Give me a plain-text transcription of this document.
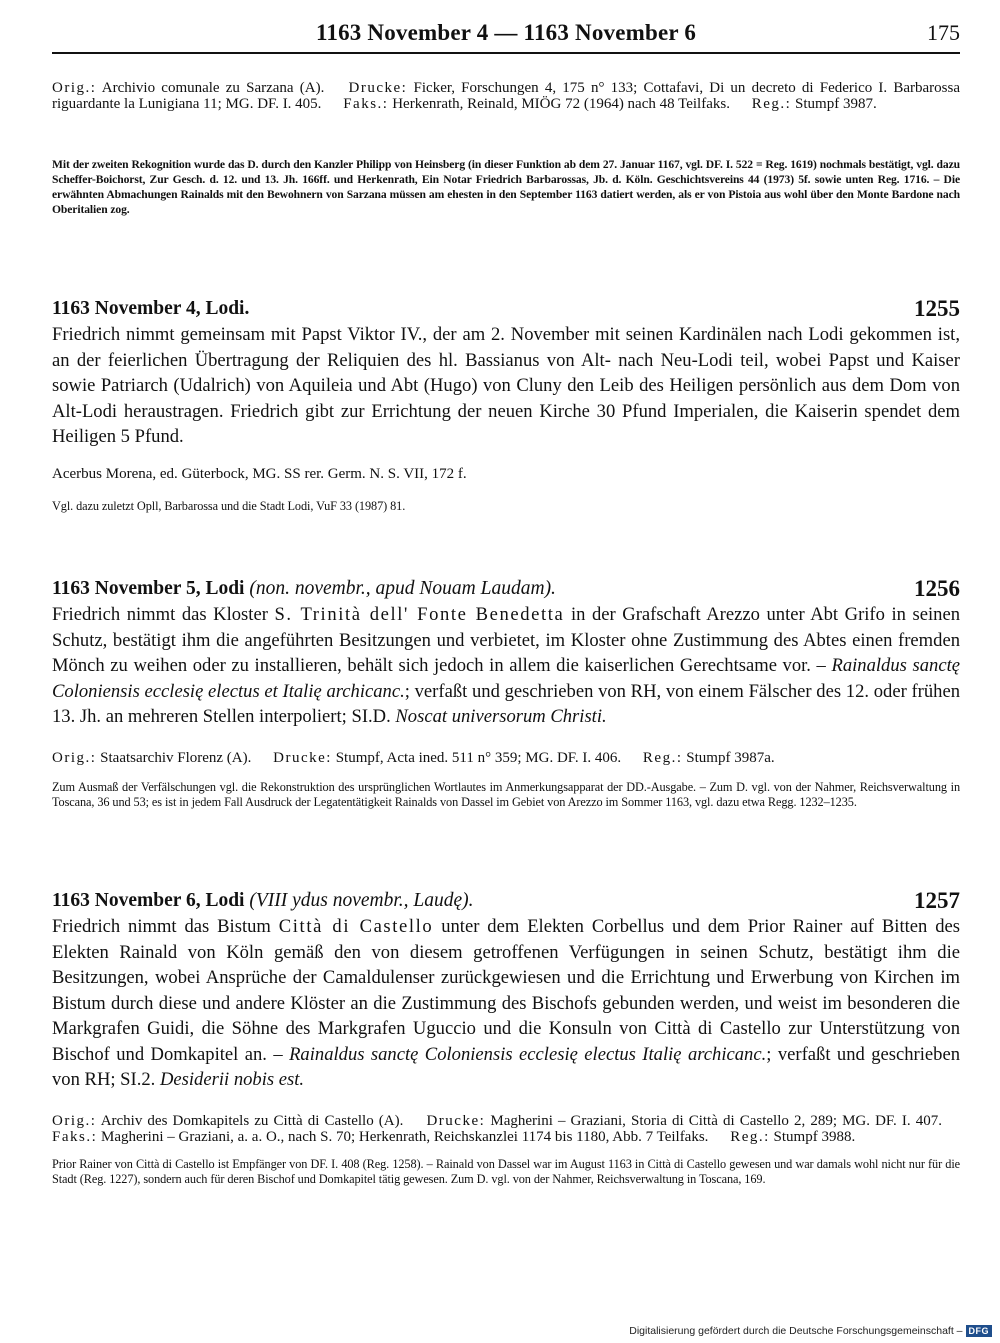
1163 November 4 — 1163 November 6	175
Orig.: Archivio comunale zu Sarzana (A). Drucke: Ficker, Forschungen 4, 175 n° 133; Cottafavi, Di un decreto di Federico I. Barbarossa riguardante la Lunigiana 11; MG. DF. I. 405. Faks.: Herkenrath, Reinald, MIÖG 72 (1964) nach 48 Teilfaks. Reg.: Stumpf 3987.
Mit der zweiten Rekognition wurde das D. durch den Kanzler Philipp von Heinsberg (in dieser Funktion ab dem 27. Januar 1167, vgl. DF. I. 522 = Reg. 1619) nochmals bestätigt, vgl. dazu Scheffer-Boichorst, Zur Gesch. d. 12. und 13. Jh. 166ff. und Herkenrath, Ein Notar Friedrich Barbarossas, Jb. d. Köln. Geschichtsvereins 44 (1973) 5f. sowie unten Reg. 1716. – Die erwähnten Abmachungen Rainalds mit den Bewohnern von Sarzana müssen am ehesten in den September 1163 datiert werden, als er von Pistoia aus wohl über den Monte Bardone nach Oberitalien zog.
1163 November 4, Lodi.	1255
Friedrich nimmt gemeinsam mit Papst Viktor IV., der am 2. November mit seinen Kardinälen nach Lodi gekommen ist, an der feierlichen Übertragung der Reliquien des hl. Bassianus von Alt- nach Neu-Lodi teil, wobei Papst und Kaiser sowie Patriarch (Udalrich) von Aquileia und Abt (Hugo) von Cluny den Leib des Heiligen persönlich aus dem Dom von Alt-Lodi heraustragen. Friedrich gibt zur Errichtung der neuen Kirche 30 Pfund Imperialen, die Kaiserin spendet dem Heiligen 5 Pfund.
Acerbus Morena, ed. Güterbock, MG. SS rer. Germ. N. S. VII, 172 f.
Vgl. dazu zuletzt Opll, Barbarossa und die Stadt Lodi, VuF 33 (1987) 81.
1163 November 5, Lodi (non. novembr., apud Nouam Laudam).	1256
Friedrich nimmt das Kloster S. Trinità dell' Fonte Benedetta in der Grafschaft Arezzo unter Abt Grifo in seinen Schutz, bestätigt ihm die angeführten Besitzungen und verbietet, im Kloster ohne Zustimmung des Abtes einen fremden Mönch zu weihen oder zu installieren, behält sich jedoch in allem die kaiserlichen Gerechtsame vor. – Rainaldus sanctę Coloniensis ecclesię electus et Italię archicanc.; verfaßt und geschrieben von RH, von einem Fälscher des 12. oder frühen 13. Jh. an mehreren Stellen interpoliert; SI.D. Noscat universorum Christi.
Orig.: Staatsarchiv Florenz (A). Drucke: Stumpf, Acta ined. 511 n° 359; MG. DF. I. 406. Reg.: Stumpf 3987a.
Zum Ausmaß der Verfälschungen vgl. die Rekonstruktion des ursprünglichen Wortlautes im Anmerkungsapparat der DD.-Ausgabe. – Zum D. vgl. von der Nahmer, Reichsverwaltung in Toscana, 36 und 53; es ist in jedem Fall Ausdruck der Legatentätigkeit Rainalds von Dassel im Gebiet von Arezzo im Sommer 1163, vgl. dazu etwa Regg. 1232–1235.
1163 November 6, Lodi (VIII ydus novembr., Laudę).	1257
Friedrich nimmt das Bistum Città di Castello unter dem Elekten Corbellus und dem Prior Rainer auf Bitten des Elekten Rainald von Köln gemäß den von diesem getroffenen Verfügungen in seinen Schutz, bestätigt ihm die Besitzungen, wobei Ansprüche der Camaldulenser zurückgewiesen und die Errichtung und Erwerbung von Kirchen im Bistum durch diese und andere Klöster an die Zustimmung des Bischofs gebunden werden, und weist im besonderen die Markgrafen Guidi, die Söhne des Markgrafen Uguccio und die Konsuln von Città di Castello zur Unterstützung von Bischof und Domkapitel an. – Rainaldus sanctę Coloniensis ecclesię electus Italię archicanc.; verfaßt und geschrieben von RH; SI.2. Desiderii nobis est.
Orig.: Archiv des Domkapitels zu Città di Castello (A). Drucke: Magherini – Graziani, Storia di Città di Castello 2, 289; MG. DF. I. 407. Faks.: Magherini – Graziani, a. a. O., nach S. 70; Herkenrath, Reichskanzlei 1174 bis 1180, Abb. 7 Teilfaks. Reg.: Stumpf 3988.
Prior Rainer von Città di Castello ist Empfänger von DF. I. 408 (Reg. 1258). – Rainald von Dassel war im August 1163 in Città di Castello gewesen und war damals wohl nicht nur für die Stadt (Reg. 1227), sondern auch für deren Bischof und Domkapitel tätig gewesen. Zum D. vgl. von der Nahmer, Reichsverwaltung in Toscana, 169.
Digitalisierung gefördert durch die Deutsche Forschungsgemeinschaft – DFG
